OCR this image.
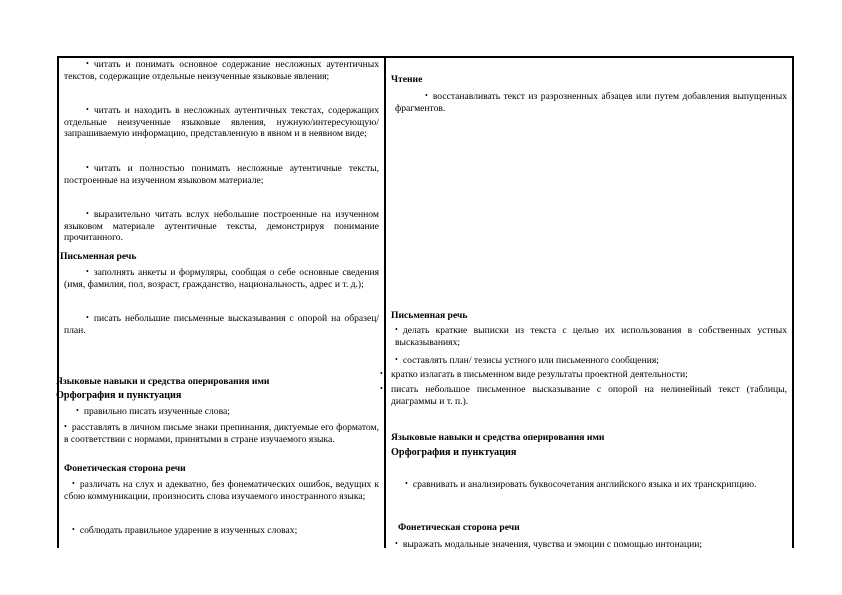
• читать и понимать основное содержание несложных аутентичных текстов, содержащие отдельные неизученные языковые явления;
• читать и находить в несложных аутентичных текстах, содержащих отдельные неизученные языковые явления, нужную/интересующую/ запрашиваемую информацию, представленную в явном и в неявном виде;
• читать и полностью понимать несложные аутентичные тексты, построенные на изученном языковом материале;
• выразительно читать вслух небольшие построенные на изученном языковом материале аутентичные тексты, демонстрируя понимание прочитанного.
Письменная речь
• заполнять анкеты и формуляры, сообщая о себе основные сведения (имя, фамилия, пол, возраст, гражданство, национальность, адрес и т. д.);
• писать небольшие письменные высказывания с опорой на образец/ план.
Языковые навыки и средства оперирования ими
Орфография и пунктуация
• правильно писать изученные слова;
• расставлять в личном письме знаки препинания, диктуемые его форматом, в соответствии с нормами, принятыми в стране изучаемого языка.
Фонетическая сторона речи
• различать на слух и адекватно, без фонематических ошибок, ведущих к сбою коммуникации, произносить слова изучаемого иностранного языка;
• соблюдать правильное ударение в изученных словах;
Чтение
• восстанавливать текст из разрозненных абзацев или путем добавления выпущенных фрагментов.
Письменная речь
• делать краткие выписки из текста с целью их использования в собственных устных высказываниях;
• составлять план/ тезисы устного или письменного сообщения;
• кратко излагать в письменном виде результаты проектной деятельности;
• писать небольшое письменное высказывание с опорой на нелинейный текст (таблицы, диаграммы и т. п.).
Языковые навыки и средства оперирования ими
Орфография и пунктуация
• сравнивать и анализировать буквосочетания английского языка и их транскрипцию.
Фонетическая сторона речи
• выражать модальные значения, чувства и эмоции с помощью интонации;
